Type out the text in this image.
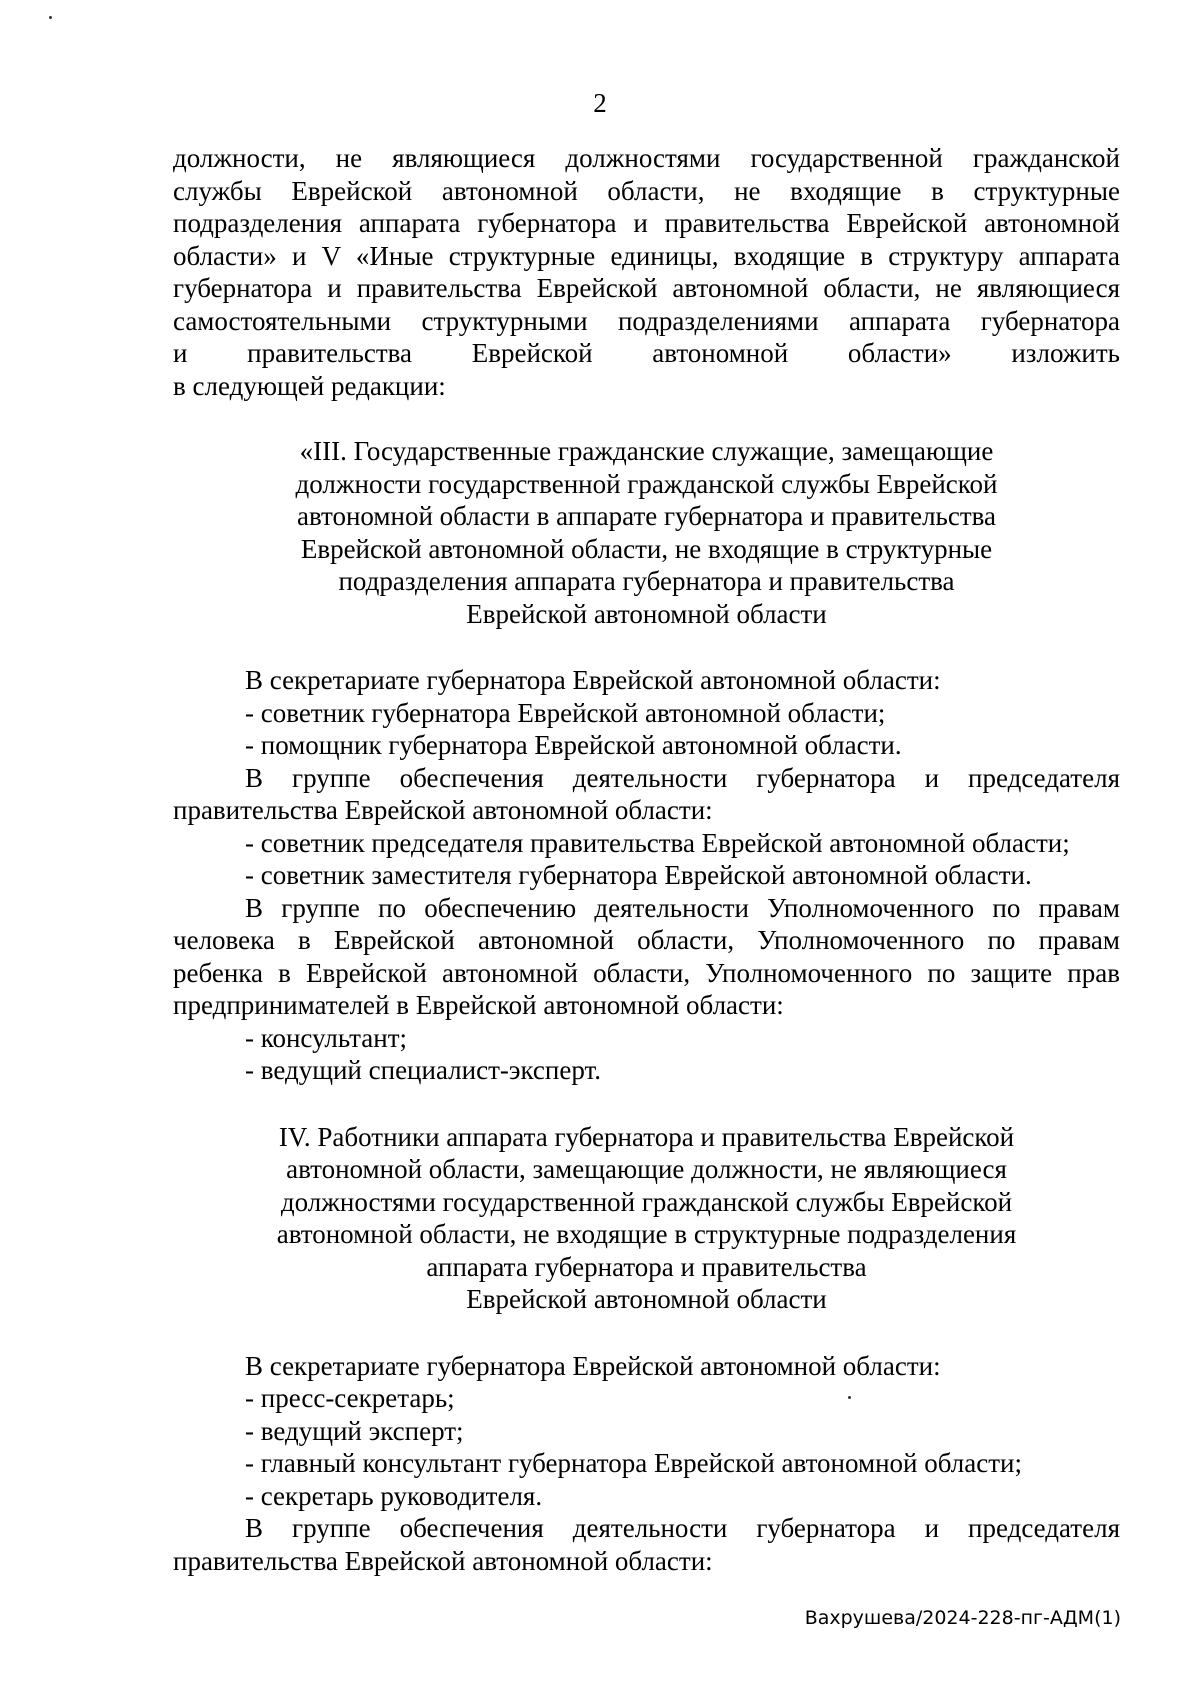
2
должности, не являющиеся должностями государственной гражданской
службы Еврейской автономной области, не входящие в структурные
подразделения аппарата губернатора и правительства Еврейской автономной
области» и V «Иные структурные единицы, входящие в структуру аппарата
губернатора и правительства Еврейской автономной области, не являющиеся
самостоятельными структурными подразделениями аппарата губернатора
и правительства Еврейской автономной области» изложить
в следующей редакции:
«III. Государственные гражданские служащие, замещающие
должности государственной гражданской службы Еврейской
автономной области в аппарате губернатора и правительства
Еврейской автономной области, не входящие в структурные
подразделения аппарата губернатора и правительства
Еврейской автономной области
В секретариате губернатора Еврейской автономной области:
- советник губернатора Еврейской автономной области;
- помощник губернатора Еврейской автономной области.
В группе обеспечения деятельности губернатора и председателя
правительства Еврейской автономной области:
- советник председателя правительства Еврейской автономной области;
- советник заместителя губернатора Еврейской автономной области.
В группе по обеспечению деятельности Уполномоченного по правам
человека в Еврейской автономной области, Уполномоченного по правам
ребенка в Еврейской автономной области, Уполномоченного по защите прав
предпринимателей в Еврейской автономной области:
- консультант;
- ведущий специалист-эксперт.
IV. Работники аппарата губернатора и правительства Еврейской
автономной области, замещающие должности, не являющиеся
должностями государственной гражданской службы Еврейской
автономной области, не входящие в структурные подразделения
аппарата губернатора и правительства
Еврейской автономной области
В секретариате губернатора Еврейской автономной области:
- пресс-секретарь;
- ведущий эксперт;
- главный консультант губернатора Еврейской автономной области;
- секретарь руководителя.
В группе обеспечения деятельности губернатора и председателя
правительства Еврейской автономной области:
Вахрушева/2024-228-пг-АДМ(1)
